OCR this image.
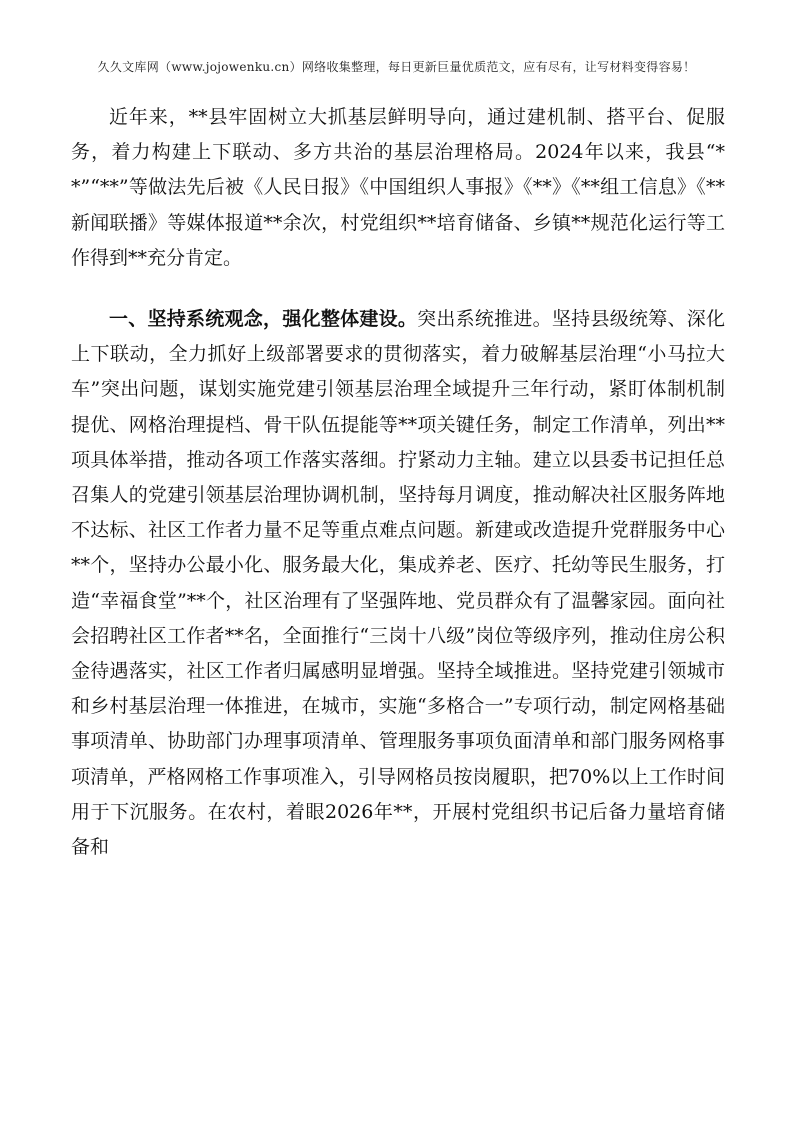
久久文库网（www.jojowenku.cn）网络收集整理，每日更新巨量优质范文，应有尽有，让写材料变得容易！

近年来，**县牢固树立大抓基层鲜明导向，通过建机制、搭平台、促服务，着力构建上下联动、多方共治的基层治理格局。2024年以来，我县“**”“**”等做法先后被《人民日报》《中国组织人事报》《**》《**组工信息》《**新闻联播》等媒体报道**余次，村党组织**培育储备、乡镇**规范化运行等工作得到**充分肯定。

一、坚持系统观念，强化整体建设。突出系统推进。坚持县级统筹、深化上下联动，全力抓好上级部署要求的贯彻落实，着力破解基层治理“小马拉大车”突出问题，谋划实施党建引领基层治理全域提升三年行动，紧盯体制机制提优、网格治理提档、骨干队伍提能等**项关键任务，制定工作清单，列出**项具体举措，推动各项工作落实落细。拧紧动力主轴。建立以县委书记担任总召集人的党建引领基层治理协调机制，坚持每月调度，推动解决社区服务阵地不达标、社区工作者力量不足等重点难点问题。新建或改造提升党群服务中心**个，坚持办公最小化、服务最大化，集成养老、医疗、托幼等民生服务，打造“幸福食堂”**个，社区治理有了坚强阵地、党员群众有了温馨家园。面向社会招聘社区工作者**名，全面推行“三岗十八级”岗位等级序列，推动住房公积金待遇落实，社区工作者归属感明显增强。坚持全域推进。坚持党建引领城市和乡村基层治理一体推进，在城市，实施“多格合一”专项行动，制定网格基础事项清单、协助部门办理事项清单、管理服务事项负面清单和部门服务网格事项清单，严格网格工作事项准入，引导网格员按岗履职，把70%以上工作时间用于下沉服务。在农村，着眼2026年**，开展村党组织书记后备力量培育储备和
